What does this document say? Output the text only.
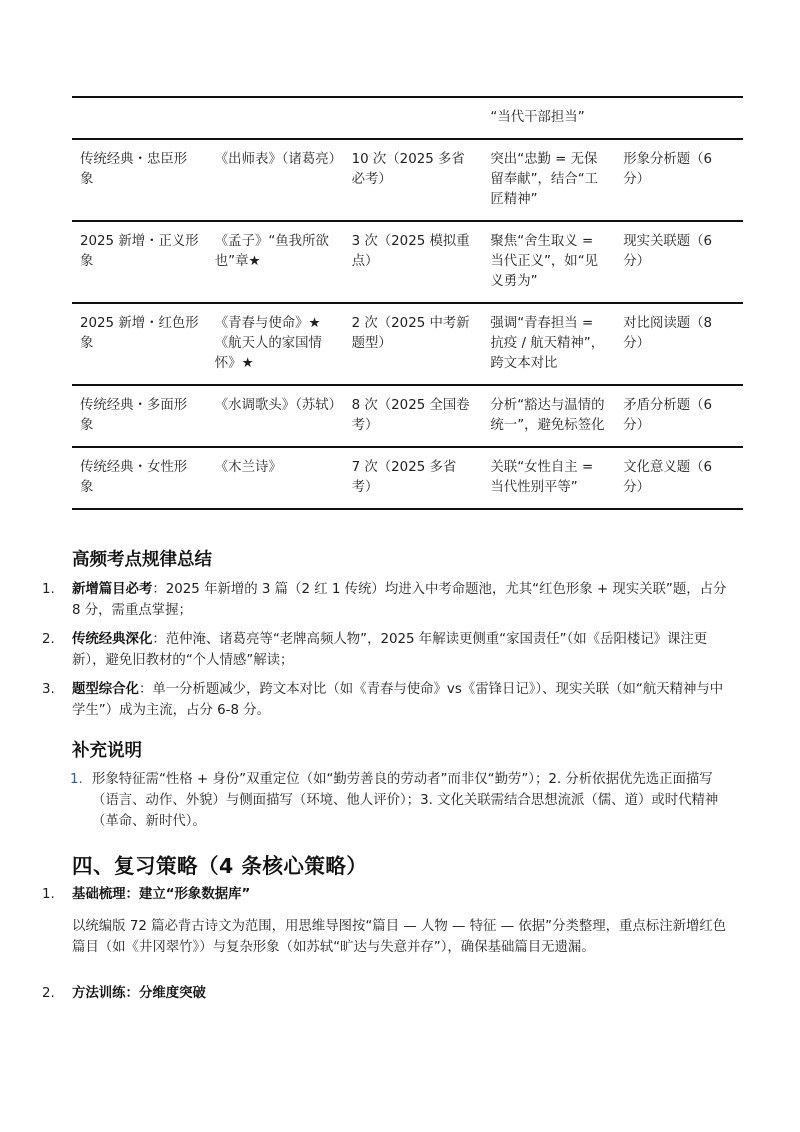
			“当代干部担当”	
传统经典・忠臣形象	《出师表》（诸葛亮）	10 次（2025 多省必考）	突出“忠勤 = 无保留奉献”，结合“工匠精神”	形象分析题（6 分）
2025 新增・正义形象	《孟子》“鱼我所欲也”章★	3 次（2025 模拟重点）	聚焦“舍生取义 = 当代正义”，如“见义勇为”	现实关联题（6 分）
2025 新增・红色形象	《青春与使命》★《航天人的家国情怀》★	2 次（2025 中考新题型）	强调“青春担当 = 抗疫 / 航天精神”，跨文本对比	对比阅读题（8 分）
传统经典・多面形象	《水调歌头》（苏轼）	8 次（2025 全国卷考）	分析“豁达与温情的统一”，避免标签化	矛盾分析题（6 分）
传统经典・女性形象	《木兰诗》	7 次（2025 多省考）	关联“女性自主 = 当代性别平等”	文化意义题（6 分）
高频考点规律总结
1. 新增篇目必考：2025 年新增的 3 篇（2 红 1 传统）均进入中考命题池，尤其“红色形象 + 现实关联”题，占分 8 分，需重点掌握；
2. 传统经典深化：范仲淹、诸葛亮等“老牌高频人物”，2025 年解读更侧重“家国责任”（如《岳阳楼记》课注更新），避免旧教材的“个人情感”解读；
3. 题型综合化：单一分析题减少，跨文本对比（如《青春与使命》vs《雷锋日记》）、现实关联（如“航天精神与中学生”）成为主流，占分 6-8 分。
补充说明
1. 形象特征需“性格 + 身份”双重定位（如“勤劳善良的劳动者”而非仅“勤劳”）；2. 分析依据优先选正面描写（语言、动作、外貌）与侧面描写（环境、他人评价）；3. 文化关联需结合思想流派（儒、道）或时代精神（革命、新时代）。
四、复习策略（4 条核心策略）
1. 基础梳理：建立“形象数据库”

以统编版 72 篇必背古诗文为范围，用思维导图按“篇目 — 人物 — 特征 — 依据”分类整理，重点标注新增红色篇目（如《井冈翠竹》）与复杂形象（如苏轼“旷达与失意并存”），确保基础篇目无遗漏。

2. 方法训练：分维度突破
